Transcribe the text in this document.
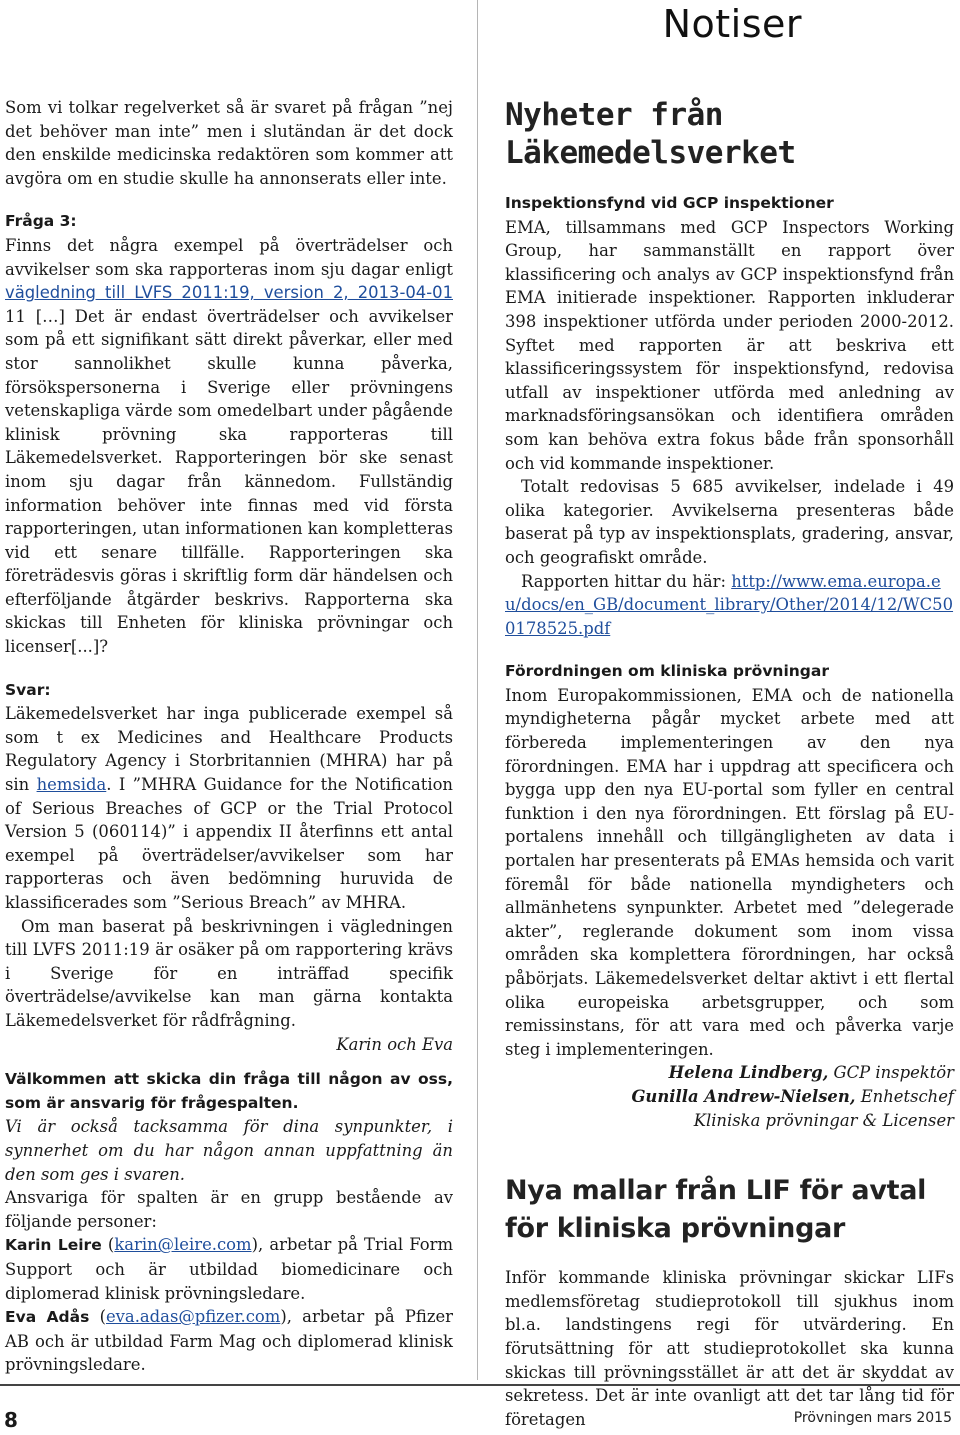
Notiser

Som vi tolkar regelverket så är svaret på frågan ”nej det behöver man inte” men i slutändan är det dock den enskilde medicinska redaktören som kommer att avgöra om en studie skulle ha annonserats eller inte.

Fråga 3:

Finns det några exempel på överträdelser och avvikelser som ska rapporteras inom sju dagar enligt vägledning till LVFS 2011:19, version 2, 2013-04-01 11 […] Det är endast överträdelser och avvikelser som på ett signifikant sätt direkt påverkar, eller med stor sannolikhet skulle kunna påverka, försökspersonerna i Sverige eller prövningens vetenskapliga värde som omedelbart under pågående klinisk prövning ska rapporteras till Läkemedelsverket. Rapporteringen bör ske senast inom sju dagar från kännedom. Fullständig information behöver inte finnas med vid första rapporteringen, utan informationen kan kompletteras vid ett senare tillfälle. Rapporteringen ska företrädesvis göras i skriftlig form där händelsen och efterföljande åtgärder beskrivs. Rapporterna ska skickas till Enheten för kliniska prövningar och licenser[...]?

Svar:

Läkemedelsverket har inga publicerade exempel så som t ex Medicines and Healthcare Products Regulatory Agency i Storbritannien (MHRA) har på sin hemsida. I ”MHRA Guidance for the Notification of Serious Breaches of GCP or the Trial Protocol Version 5 (060114)” i appendix II återfinns ett antal exempel på överträdelser/avvikelser som har rapporteras och även bedömning huruvida de klassificerades som ”Serious Breach” av MHRA.

Om man baserat på beskrivningen i vägledningen till LVFS 2011:19 är osäker på om rapportering krävs i Sverige för en inträffad specifik överträdelse/avvikelse kan man gärna kontakta Läkemedelsverket för rådfrågning.

Karin och Eva

Välkommen att skicka din fråga till någon av oss, som är ansvarig för frågespalten.

Vi är också tacksamma för dina synpunkter, i synnerhet om du har någon annan uppfattning än den som ges i svaren.

Ansvariga för spalten är en grupp bestående av följande personer:

Karin Leire (karin@leire.com), arbetar på Trial Form Support och är utbildad biomedicinare och diplomerad klinisk prövningsledare.

Eva Adås (eva.adas@pfizer.com), arbetar på Pfizer AB och är utbildad Farm Mag och diplomerad klinisk prövningsledare.

Nyheter från Läkemedelsverket

Inspektionsfynd vid GCP inspektioner

EMA, tillsammans med GCP Inspectors Working Group, har sammanställt en rapport över klassificering och analys av GCP inspektionsfynd från EMA initierade inspektioner. Rapporten inkluderar 398 inspektioner utförda under perioden 2000-2012. Syftet med rapporten är att beskriva ett klassificeringssystem för inspektionsfynd, redovisa utfall av inspektioner utförda med anledning av marknadsföringsansökan och identifiera områden som kan behöva extra fokus både från sponsorhåll och vid kommande inspektioner.

Totalt redovisas 5 685 avvikelser, indelade i 49 olika kategorier. Avvikelserna presenteras både baserat på typ av inspektionsplats, gradering, ansvar, och geografiskt område.

Rapporten hittar du här: http://www.ema.europa.eu/docs/en_GB/document_library/Other/2014/12/WC500178525.pdf

Förordningen om kliniska prövningar

Inom Europakommissionen, EMA och de nationella myndigheterna pågår mycket arbete med att förbereda implementeringen av den nya förordningen. EMA har i uppdrag att specificera och bygga upp den nya EU-portal som fyller en central funktion i den nya förordningen. Ett förslag på EU-portalens innehåll och tillgängligheten av data i portalen har presenterats på EMAs hemsida och varit föremål för både nationella myndigheters och allmänhetens synpunkter. Arbetet med ”delegerade akter”, reglerande dokument som inom vissa områden ska komplettera förordningen, har också påbörjats. Läkemedelsverket deltar aktivt i ett flertal olika europeiska arbetsgrupper, och som remissinstans, för att vara med och påverka varje steg i implementeringen.

Helena Lindberg, GCP inspektör

Gunilla Andrew-Nielsen, Enhetschef

Kliniska prövningar & Licenser

Nya mallar från LIF för avtal för kliniska prövningar

Inför kommande kliniska prövningar skickar LIFs medlemsföretag studieprotokoll till sjukhus inom bl.a. landstingens regi för utvärdering. En förutsättning för att studieprotokollet ska kunna skickas till prövningsstället är att det är skyddat av sekretess. Det är inte ovanligt att det tar lång tid för företagen

8	Prövningen mars 2015
